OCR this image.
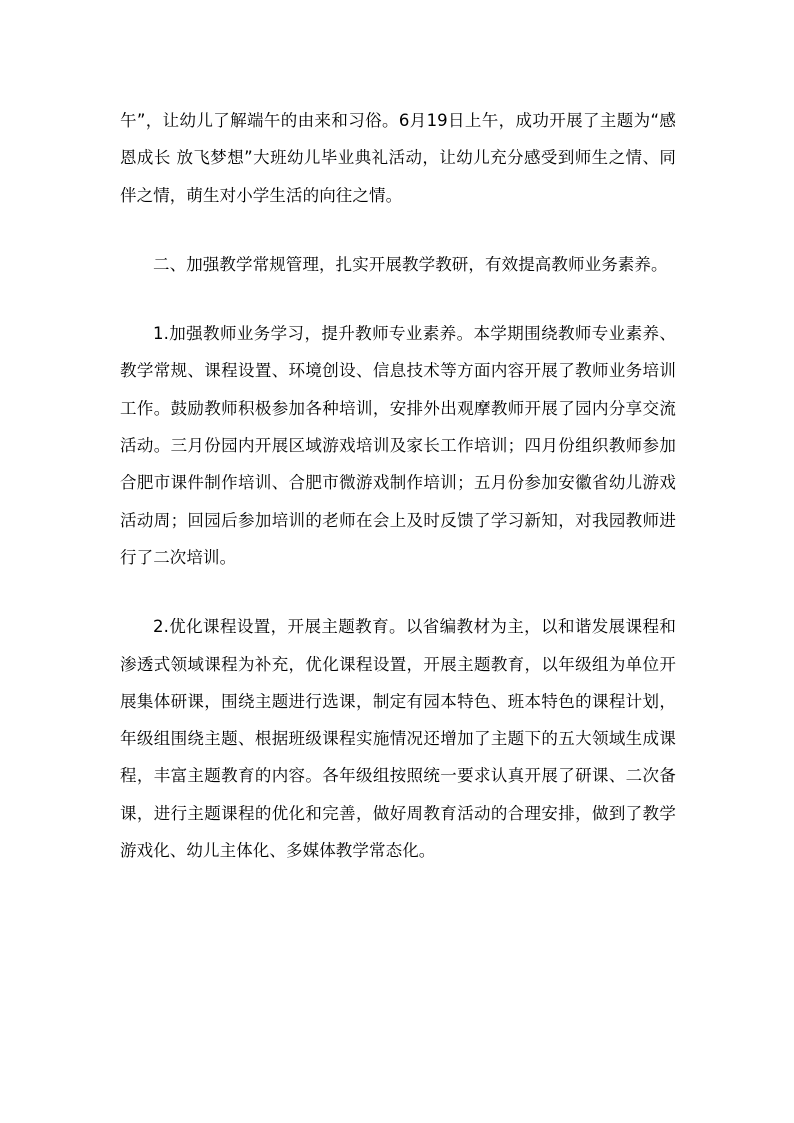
午”，让幼儿了解端午的由来和习俗。6月19日上午，成功开展了主题为“感恩成长 放飞梦想”大班幼儿毕业典礼活动，让幼儿充分感受到师生之情、同伴之情，萌生对小学生活的向往之情。

二、加强教学常规管理，扎实开展教学教研，有效提高教师业务素养。

1.加强教师业务学习，提升教师专业素养。本学期围绕教师专业素养、教学常规、课程设置、环境创设、信息技术等方面内容开展了教师业务培训工作。鼓励教师积极参加各种培训，安排外出观摩教师开展了园内分享交流活动。三月份园内开展区域游戏培训及家长工作培训；四月份组织教师参加合肥市课件制作培训、合肥市微游戏制作培训；五月份参加安徽省幼儿游戏活动周；回园后参加培训的老师在会上及时反馈了学习新知，对我园教师进行了二次培训。

2.优化课程设置，开展主题教育。以省编教材为主，以和谐发展课程和渗透式领域课程为补充，优化课程设置，开展主题教育，以年级组为单位开展集体研课，围绕主题进行选课，制定有园本特色、班本特色的课程计划，年级组围绕主题、根据班级课程实施情况还增加了主题下的五大领域生成课程，丰富主题教育的内容。各年级组按照统一要求认真开展了研课、二次备课，进行主题课程的优化和完善，做好周教育活动的合理安排，做到了教学游戏化、幼儿主体化、多媒体教学常态化。
